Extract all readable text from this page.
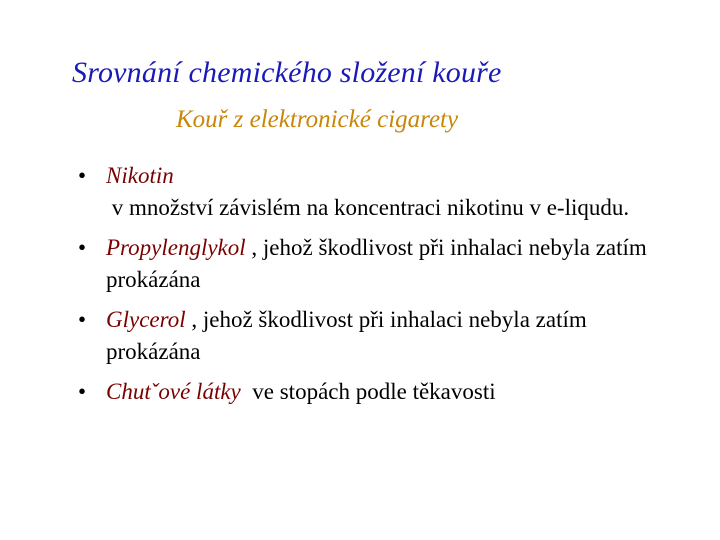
Srovnání chemického složení kouře
Kouř z elektronické cigarety
• Nikotin v množství závislém na koncentraci nikotinu v e-liqudu.
• Propylenglykol , jehož škodlivost při inhalaci nebyla zatím prokázána
• Glycerol , jehož škodlivost při inhalaci nebyla zatím prokázána
• Chutˇové látky  ve stopách podle těkavosti
